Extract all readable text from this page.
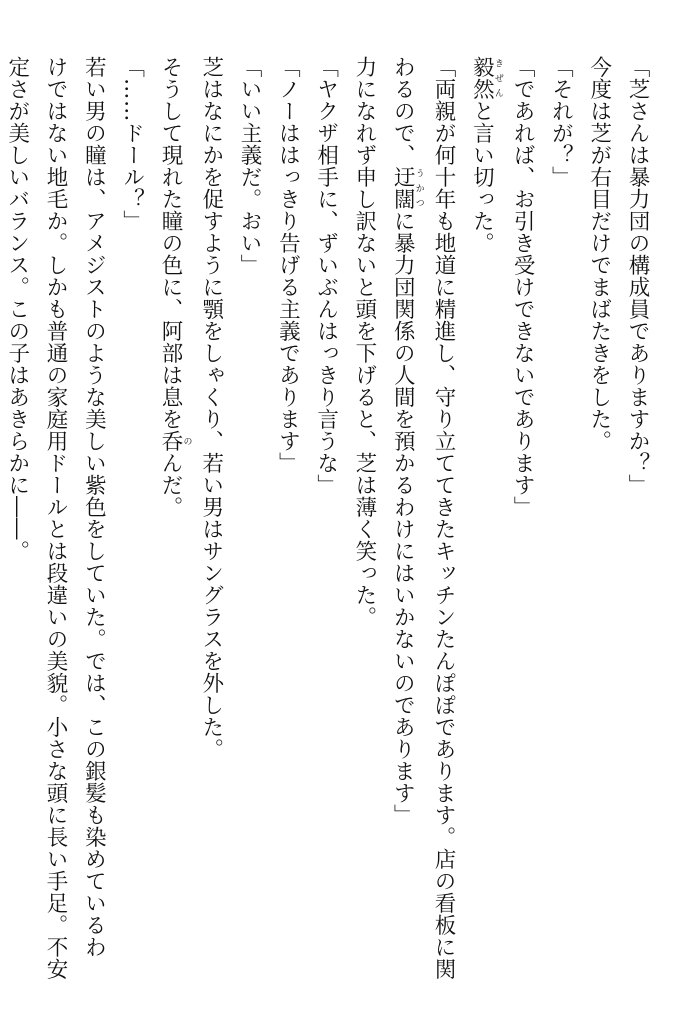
「芝さんは暴力団の構成員でありますか？」

今度は芝が右目だけでまばたきをした。

「それが？」

「であれば、お引き受けできないであります」

毅然きぜんと言い切った。

「両親が何十年も地道に精進し、守り立ててきたキッチンたんぽぽであります。店の看板に関

わるので、迂闊うかつに暴力団関係の人間を預かるわけにはいかないのであります」

力になれず申し訳ないと頭を下げると、芝は薄く笑った。

「ヤクザ相手に、ずいぶんはっきり言うな」

「ノーははっきり告げる主義であります」

「いい主義だ。おい」

芝はなにかを促すように顎をしゃくり、若い男はサングラスを外した。

そうして現れた瞳の色に、阿部は息を呑のんだ。

「……ドール？」

若い男の瞳は、アメジストのような美しい紫色をしていた。では、この銀髪も染めているわ

けではない地毛か。しかも普通の家庭用ドールとは段違いの美貌。小さな頭に長い手足。不安

定さが美しいバランス。この子はあきらかに――。
